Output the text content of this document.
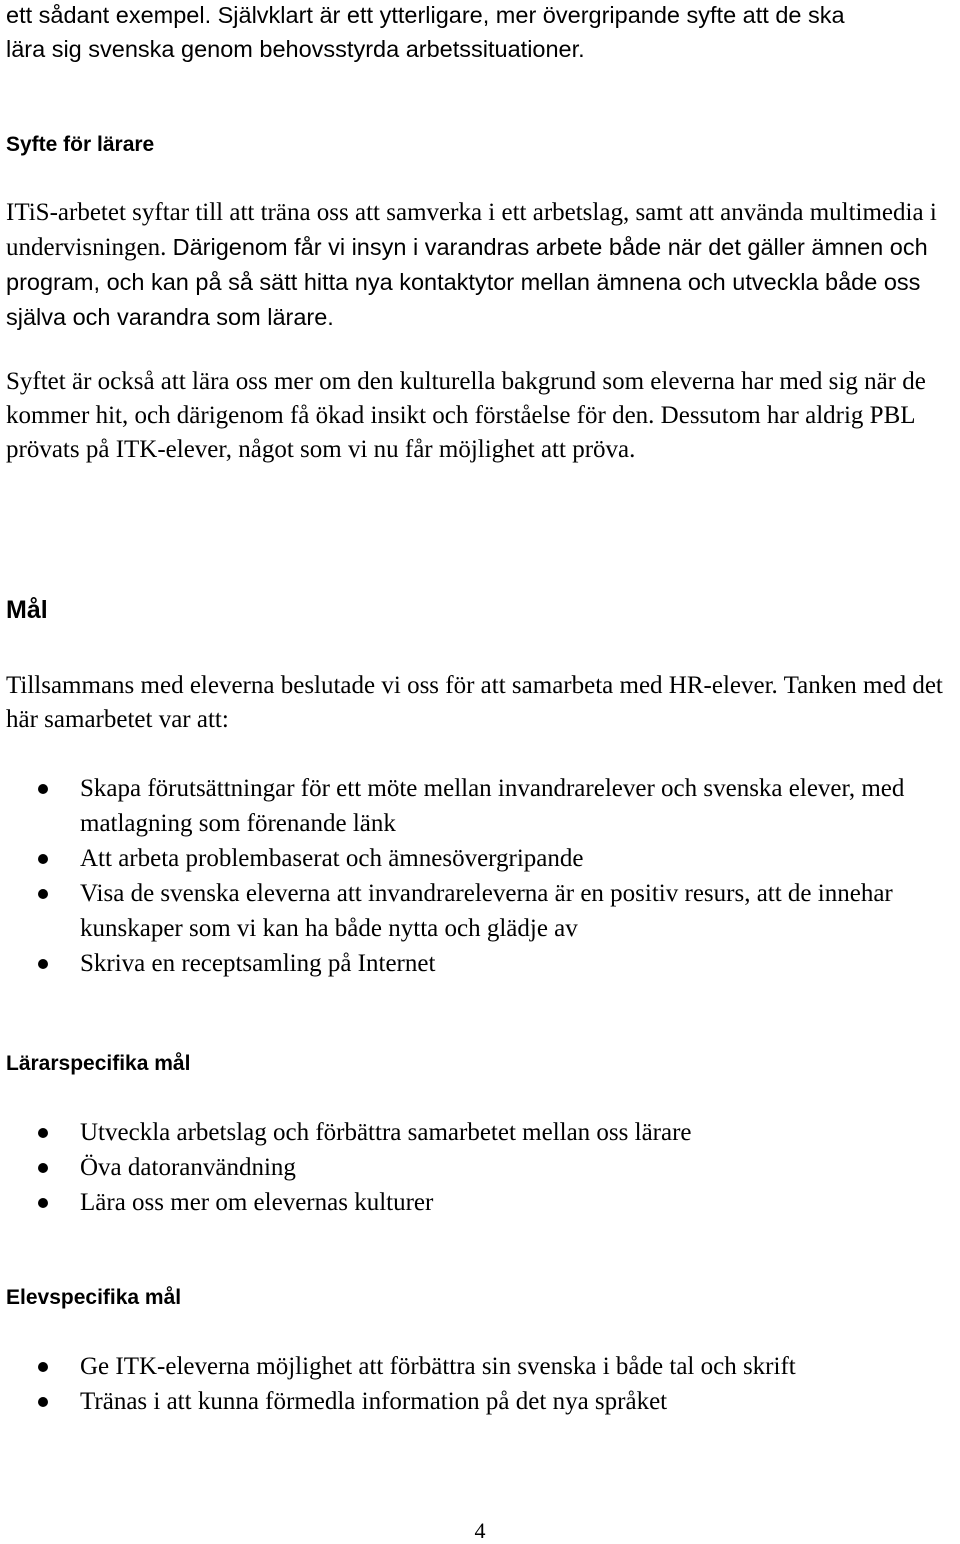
ett sådant exempel. Självklart är ett ytterligare, mer övergripande syfte att de ska
lära sig svenska genom behovsstyrda arbetssituationer.
Syfte för lärare

ITiS-arbetet syftar till att träna oss att samverka i ett arbetslag, samt att använda multimedia i undervisningen. Därigenom får vi insyn i varandras arbete både när det gäller ämnen och program, och kan på så sätt hitta nya kontaktytor mellan ämnena och utveckla både oss själva och varandra som lärare.

Syftet är också att lära oss mer om den kulturella bakgrund som eleverna har med sig när de kommer hit, och därigenom få ökad insikt och förståelse för den. Dessutom har aldrig PBL prövats på ITK-elever, något som vi nu får möjlighet att pröva.

Mål

Tillsammans med eleverna beslutade vi oss för att samarbeta med HR-elever. Tanken med det här samarbetet var att:

Skapa förutsättningar för ett möte mellan invandrarelever och svenska elever, med matlagning som förenande länk
Att arbeta problembaserat och ämnesövergripande
Visa de svenska eleverna att invandrareleverna är en positiv resurs, att de innehar kunskaper som vi kan ha både nytta och glädje av
Skriva en receptsamling på Internet
Lärarspecifika mål
Utveckla arbetslag och förbättra samarbetet mellan oss lärare
Öva datoranvändning
Lära oss mer om elevernas kulturer
Elevspecifika mål
Ge ITK-eleverna möjlighet att förbättra sin svenska i både tal och skrift
Tränas i att kunna förmedla information på det nya språket
4
